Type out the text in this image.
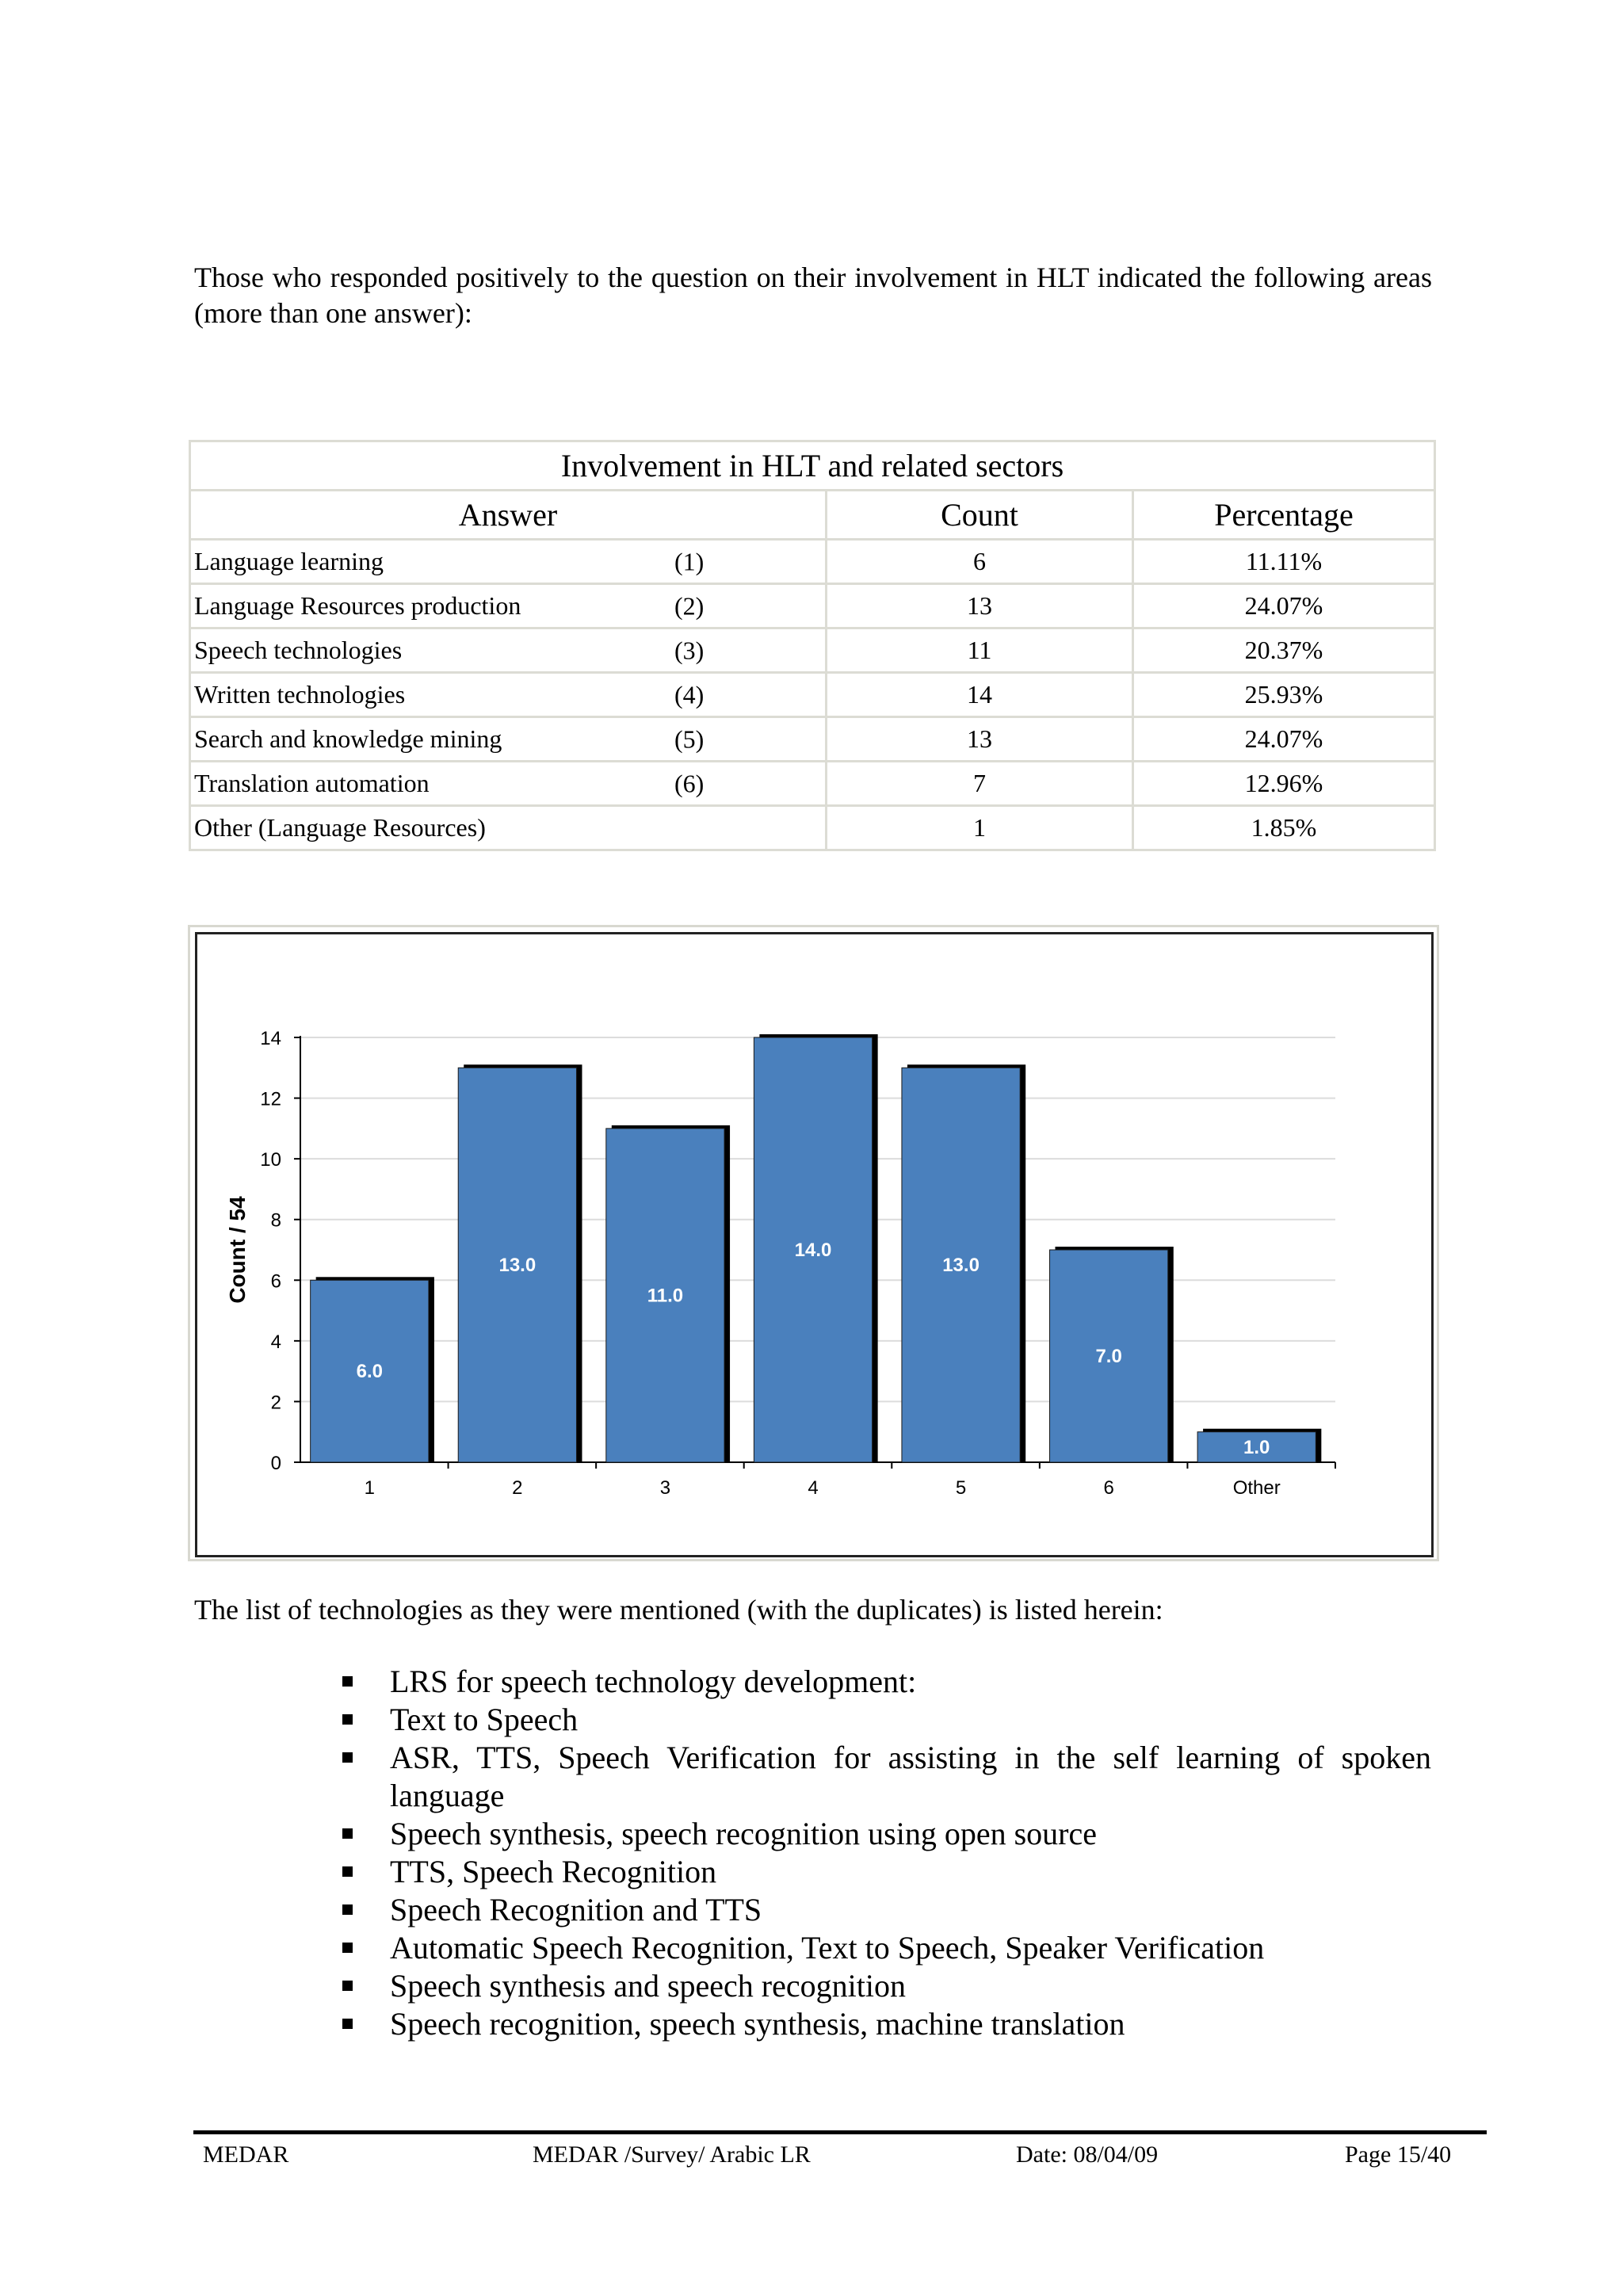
Those who responded positively to the question on their involvement in HLT indicated the following areas (more than one answer):
Involvement in HLT and related sectors		
Answer	Count	Percentage
Language learning (1)	6	11.11%
Language Resources production (2)	13	24.07%
Speech technologies (3)	11	20.37%
Written technologies (4)	14	25.93%
Search and knowledge mining (5)	13	24.07%
Translation automation (6)	7	12.96%
Other (Language Resources)	1	1.85%
0
2
4
6
8
10
12
14
Count / 54
6.0
1
13.0
2
11.0
3
14.0
4
13.0
5
7.0
6
1.0
Other
The list of technologies as they were mentioned (with the duplicates) is listed herein:
LRS for speech technology development:
Text to Speech
ASR, TTS, Speech Verification for assisting in the self learning of spoken language
Speech synthesis, speech recognition using open source
TTS, Speech Recognition
Speech Recognition and TTS
Automatic Speech Recognition, Text to Speech, Speaker Verification
Speech synthesis and speech recognition
Speech recognition, speech synthesis, machine translation
MEDAR	MEDAR /Survey/ Arabic LR	Date: 08/04/09	Page 15/40
